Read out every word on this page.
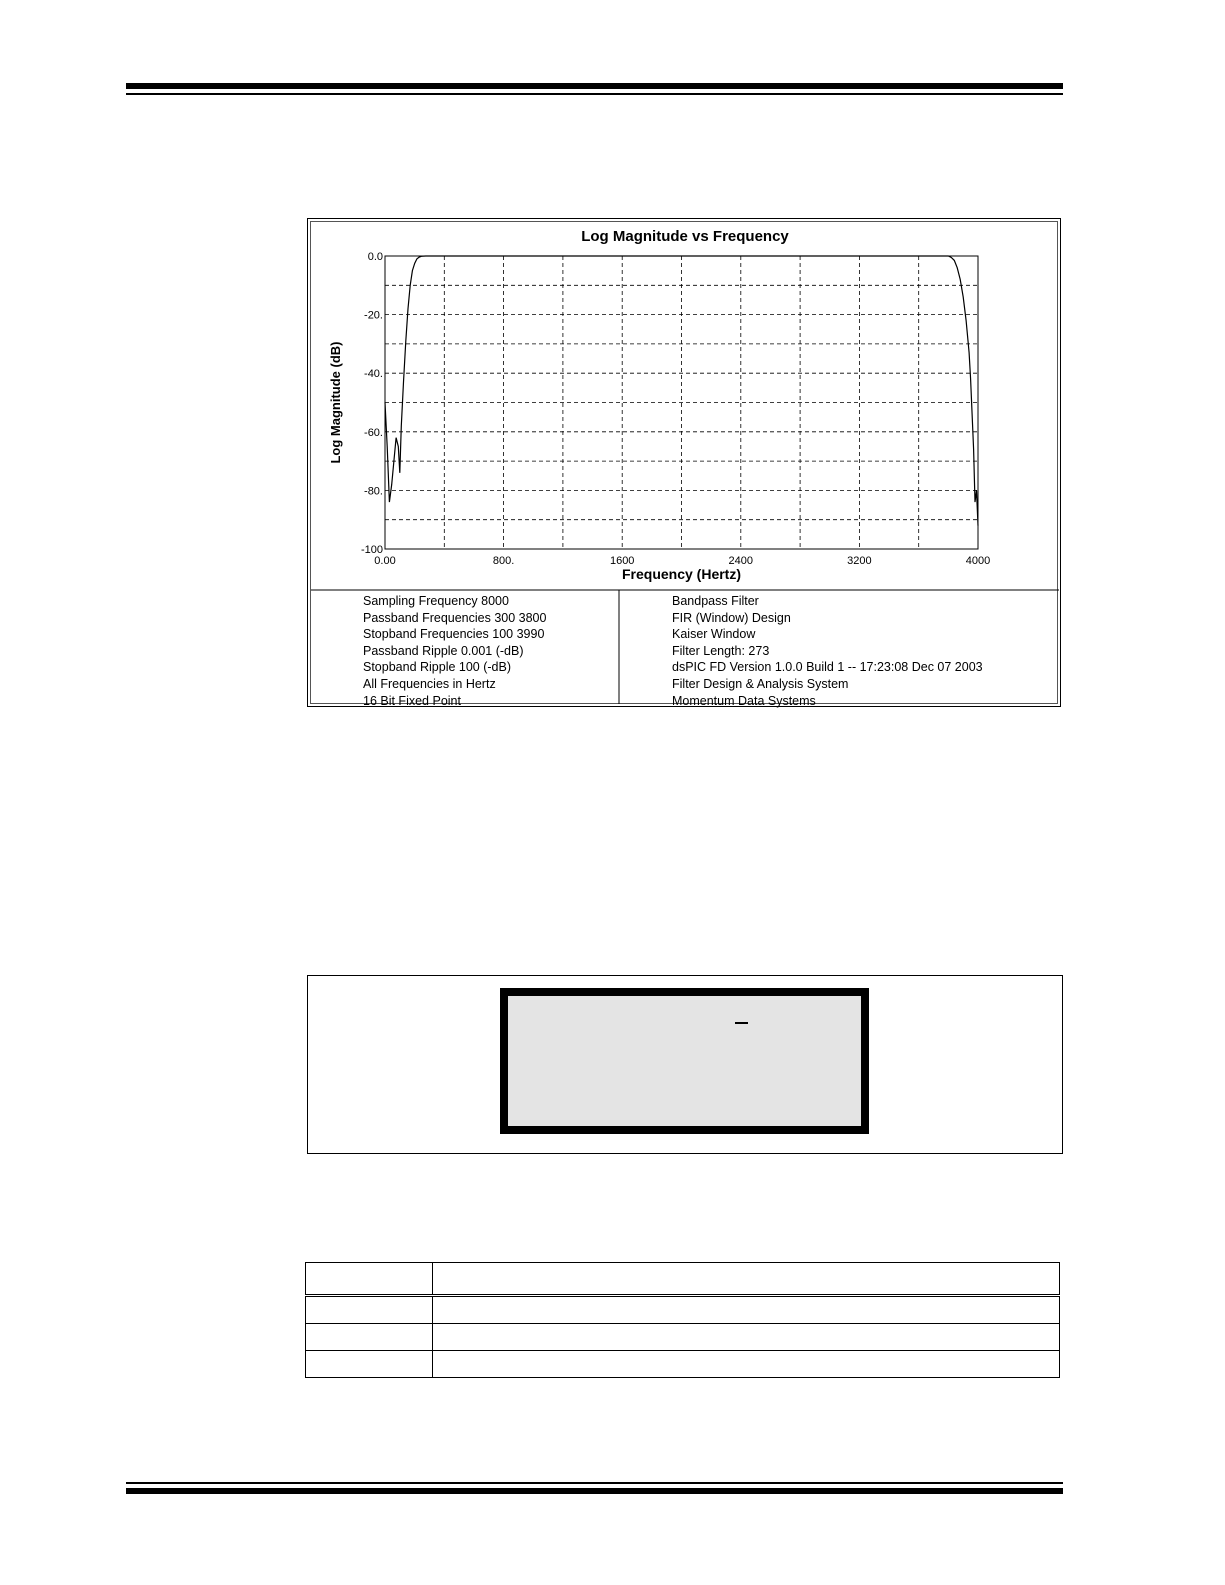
Log Magnitude vs Frequency
0.0
-20.
-40.
-60.
-80.
-100
0.00	800.	1600	2400	3200	4000
Log Magnitude (dB)
Frequency (Hertz)
Sampling Frequency 8000
Passband Frequencies 300 3800
Stopband Frequencies 100 3990
Passband Ripple 0.001 (-dB)
Stopband Ripple 100 (-dB)
All Frequencies in Hertz
16 Bit Fixed Point
Bandpass Filter
FIR (Window) Design
Kaiser Window
Filter Length: 273
dsPIC FD Version 1.0.0 Build 1 -- 17:23:08 Dec 07 2003
Filter Design & Analysis System
Momentum Data Systems
